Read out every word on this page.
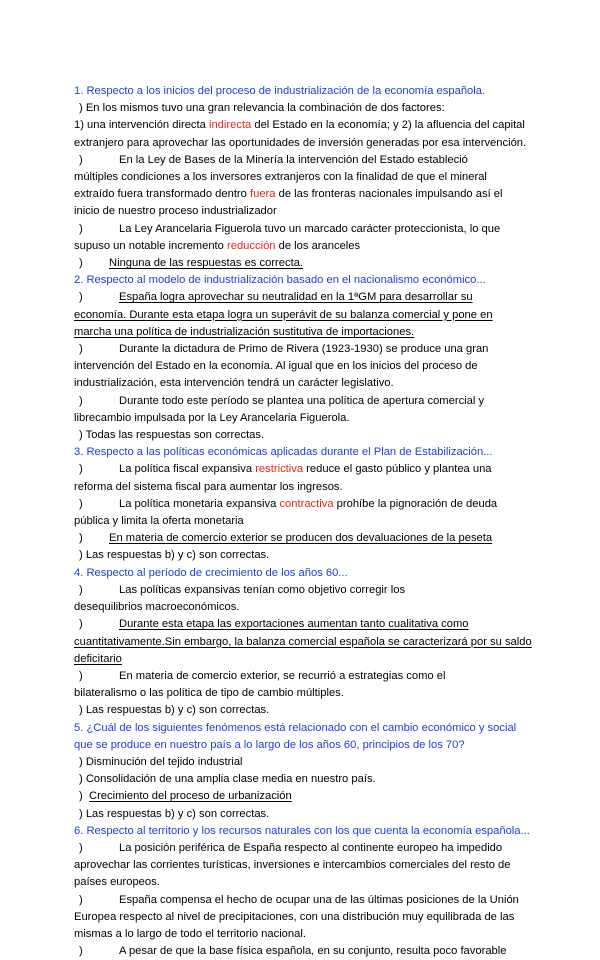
1. Respecto a los inicios del proceso de industrialización de la economía española.
) En los mismos tuvo una gran relevancia la combinación de dos factores:
1) una intervención directa indirecta del Estado en la economía; y 2) la afluencia del capital
extranjero para aprovechar las oportunidades de inversión generadas por esa intervención.
)	En la Ley de Bases de la Minería la intervención del Estado estableció
múltiples condiciones a los inversores extranjeros con la finalidad de que el mineral
extraído fuera transformado dentro fuera de las fronteras nacionales impulsando así el
inicio de nuestro proceso industrializador
)	La Ley Arancelaria Figuerola tuvo un marcado carácter proteccionista, lo que
supuso un notable incremento reducción de los aranceles
) Ninguna de las respuestas es correcta.
2. Respecto al modelo de industrialización basado en el nacionalismo económico...
)	España logra aprovechar su neutralidad en la 1ªGM para desarrollar su
economía. Durante esta etapa logra un superávit de su balanza comercial y pone en
marcha una política de industrialización sustitutiva de importaciones.
)	Durante la dictadura de Primo de Rivera (1923-1930) se produce una gran
intervención del Estado en la economía. Al igual que en los inicios del proceso de
industrialización, esta intervención tendrá un carácter legislativo.
)	Durante todo este período se plantea una política de apertura comercial y
librecambio impulsada por la Ley Arancelaria Figuerola.
) Todas las respuestas son correctas.
3. Respecto a las políticas económicas aplicadas durante el Plan de Estabilización...
)	La política fiscal expansiva restrictiva reduce el gasto público y plantea una
reforma del sistema fiscal para aumentar los ingresos.
)	La política monetaria expansiva contractiva prohíbe la pignoración de deuda
pública y limita la oferta monetaria
) En materia de comercio exterior se producen dos devaluaciones de la peseta
) Las respuestas b) y c) son correctas.
4. Respecto al período de crecimiento de los años 60...
)	Las políticas expansivas tenían como objetivo corregir los
desequilibrios macroeconómicos.
)	Durante esta etapa las exportaciones aumentan tanto cualitativa como
cuantitativamente.Sin embargo, la balanza comercial española se caracterizará por su saldo
deficitario
)	En materia de comercio exterior, se recurrió a estrategias como el
bilateralismo o las política de tipo de cambio múltiples.
) Las respuestas b) y c) son correctas.
5. ¿Cuál de los siguientes fenómenos está relacionado con el cambio económico y social
que se produce en nuestro país a lo largo de los años 60, principios de los 70?
) Disminución del tejido industrial
) Consolidación de una amplia clase media en nuestro país.
) Crecimiento del proceso de urbanización
) Las respuestas b) y c) son correctas.
6. Respecto al territorio y los recursos naturales con los que cuenta la economía española...
)	La posición periférica de España respecto al continente europeo ha impedido
aprovechar las corrientes turísticas, inversiones e intercambios comerciales del resto de
países europeos.
)	España compensa el hecho de ocupar una de las últimas posiciones de la Unión
Europea respecto al nivel de precipitaciones, con una distribución muy equilibrada de las
mismas a lo largo de todo el territorio nacional.
)	A pesar de que la base física española, en su conjunto, resulta poco favorable
